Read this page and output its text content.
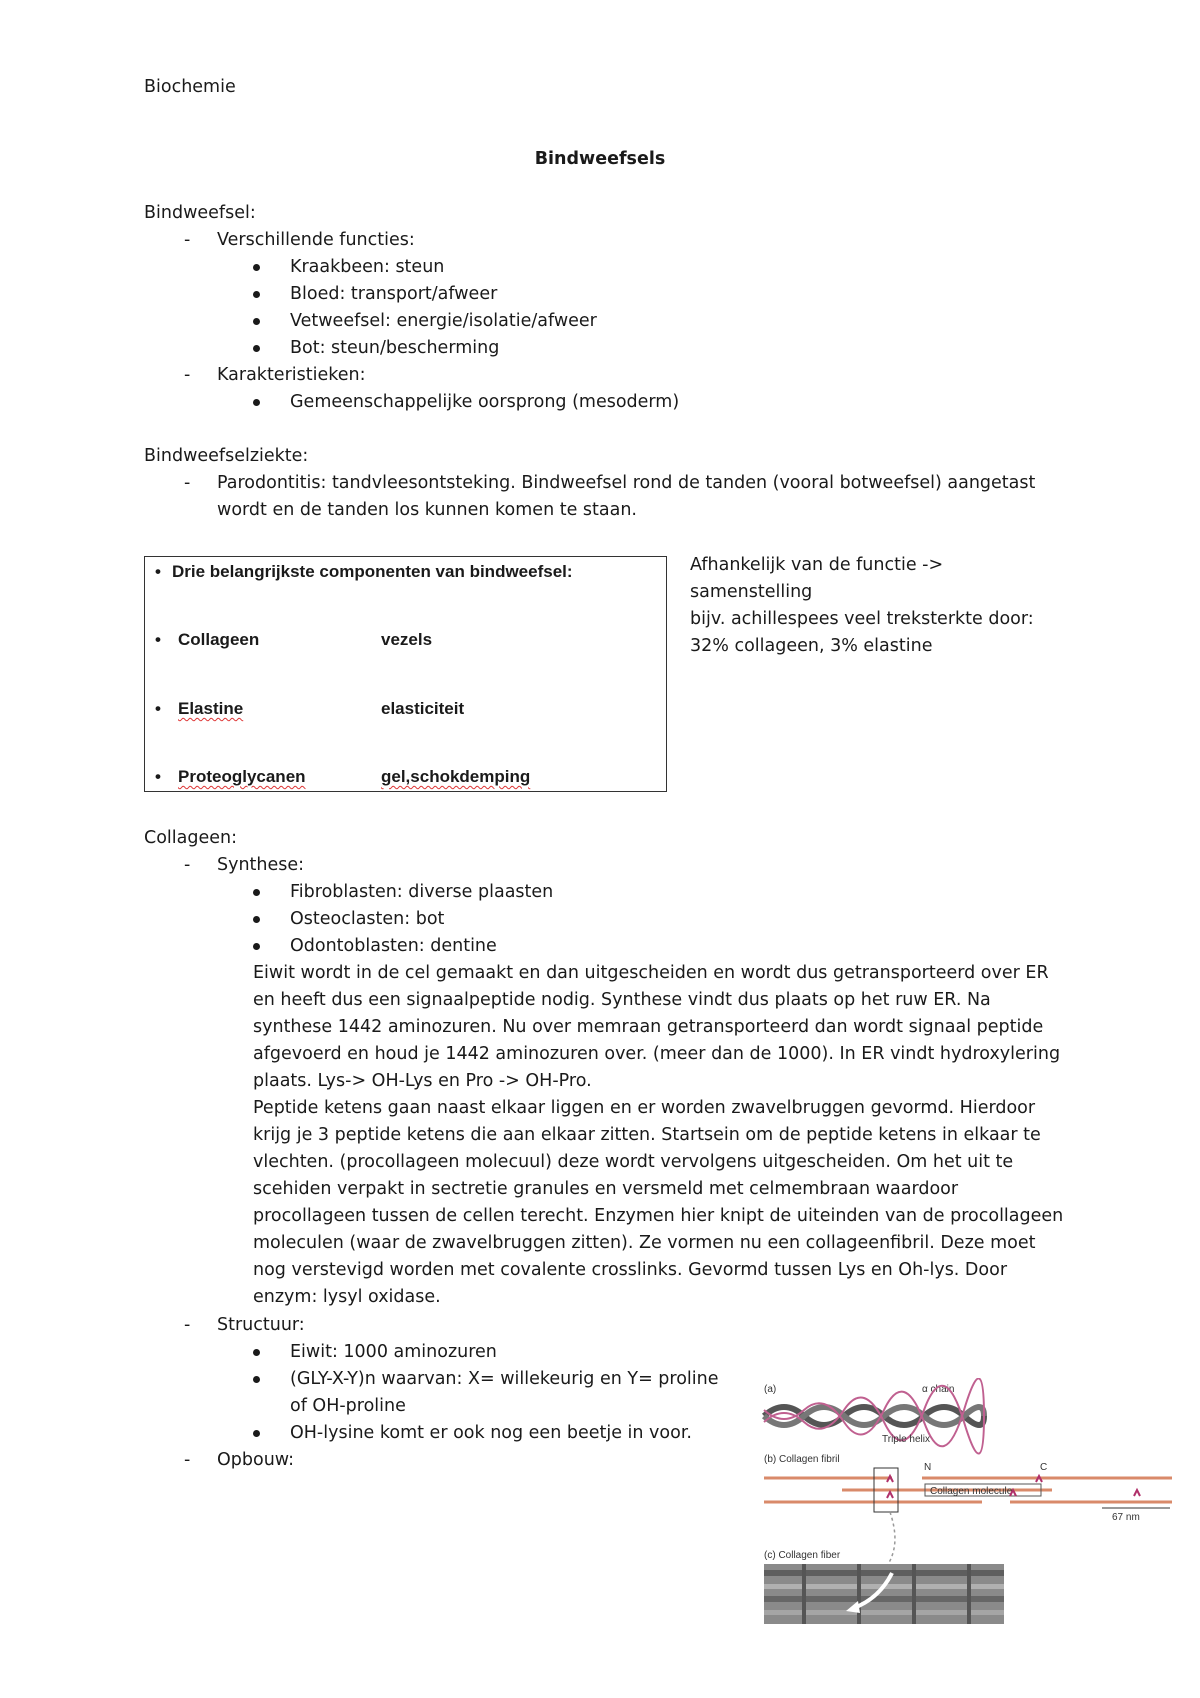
Biochemie
Bindweefsels
Bindweefsel:
- Verschillende functies:
Kraakbeen: steun
Bloed: transport/afweer
Vetweefsel: energie/isolatie/afweer
Bot: steun/bescherming
- Karakteristieken:
Gemeenschappelijke oorsprong (mesoderm)
Bindweefselziekte:
- Parodontitis: tandvleesontsteking. Bindweefsel rond de tanden (vooral botweefsel) aangetast
wordt en de tanden los kunnen komen te staan.
• Drie belangrijkste componenten van bindweefsel:
• Collageen	vezels
• Elastine	elasticiteit
• Proteoglycanen	gel,schokdemping
Afhankelijk van de functie ->
samenstelling
bijv. achillespees veel treksterkte door:
32% collageen, 3% elastine
Collageen:
- Synthese:
Fibroblasten: diverse plaasten
Osteoclasten: bot
Odontoblasten: dentine

Eiwit wordt in de cel gemaakt en dan uitgescheiden en wordt dus getransporteerd over ER en heeft dus een signaalpeptide nodig. Synthese vindt dus plaats op het ruw ER. Na synthese 1442 aminozuren. Nu over memraan getransporteerd dan wordt signaal peptide afgevoerd en houd je 1442 aminozuren over. (meer dan de 1000). In ER vindt hydroxylering plaats. Lys-> OH-Lys en Pro -> OH-Pro.

Peptide ketens gaan naast elkaar liggen en er worden zwavelbruggen gevormd. Hierdoor krijg je 3 peptide ketens die aan elkaar zitten. Startsein om de peptide ketens in elkaar te vlechten. (procollageen molecuul) deze wordt vervolgens uitgescheiden. Om het uit te scehiden verpakt in sectretie granules en versmeld met celmembraan waardoor procollageen tussen de cellen terecht. Enzymen hier knipt de uiteinden van de procollageen moleculen (waar de zwavelbruggen zitten). Ze vormen nu een collageenfibril. Deze moet nog verstevigd worden met covalente crosslinks. Gevormd tussen Lys en Oh-lys. Door enzym: lysyl oxidase.

- Structuur:
Eiwit: 1000 aminozuren
(GLY-X-Y)n waarvan: X= willekeurig en Y= proline
of OH-proline
OH-lysine komt er ook nog een beetje in voor.
- Opbouw:
(a)	α chain
Triple helix
(b) Collagen fibril
N	C
Collagen molecule
67 nm
(c) Collagen fiber
